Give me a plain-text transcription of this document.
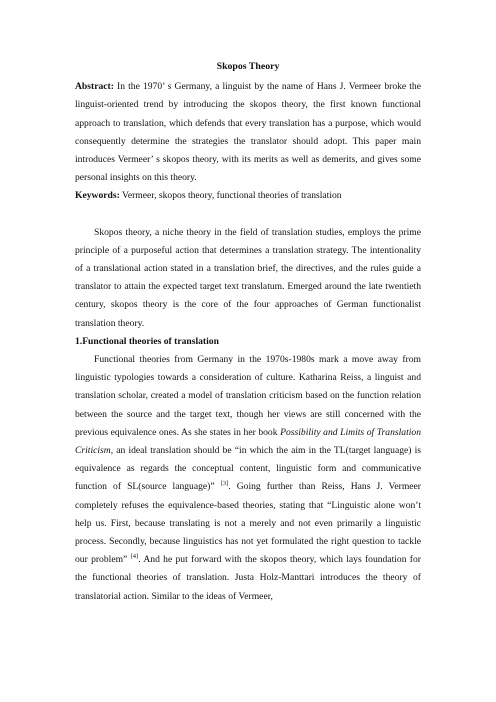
Skopos Theory

Abstract: In the 1970’ s Germany, a linguist by the name of Hans J. Vermeer broke the linguist-oriented trend by introducing the skopos theory, the first known functional approach to translation, which defends that every translation has a purpose, which would consequently determine the strategies the translator should adopt. This paper main introduces Vermeer’ s skopos theory, with its merits as well as demerits, and gives some personal insights on this theory.

Keywords: Vermeer, skopos theory, functional theories of translation

Skopos theory, a niche theory in the field of translation studies, employs the prime principle of a purposeful action that determines a translation strategy. The intentionality of a translational action stated in a translation brief, the directives, and the rules guide a translator to attain the expected target text translatum. Emerged around the late twentieth century, skopos theory is the core of the four approaches of German functionalist translation theory.

1.Functional theories of translation

Functional theories from Germany in the 1970s-1980s mark a move away from linguistic typologies towards a consideration of culture. Katharina Reiss, a linguist and translation scholar, created a model of translation criticism based on the function relation between the source and the target text, though her views are still concerned with the previous equivalence ones. As she states in her book Possibility and Limits of Translation Criticism, an ideal translation should be “in which the aim in the TL(target language) is equivalence as regards the conceptual content, linguistic form and communicative function of SL(source language)” [3]. Going further than Reiss, Hans J. Vermeer completely refuses the equivalence-based theories, stating that “Linguistic alone won’t help us. First, because translating is not a merely and not even primarily a linguistic process. Secondly, because linguistics has not yet formulated the right question to tackle our problem” [4]. And he put forward with the skopos theory, which lays foundation for the functional theories of translation. Justa Holz-Manttari introduces the theory of translatorial action. Similar to the ideas of Vermeer,
